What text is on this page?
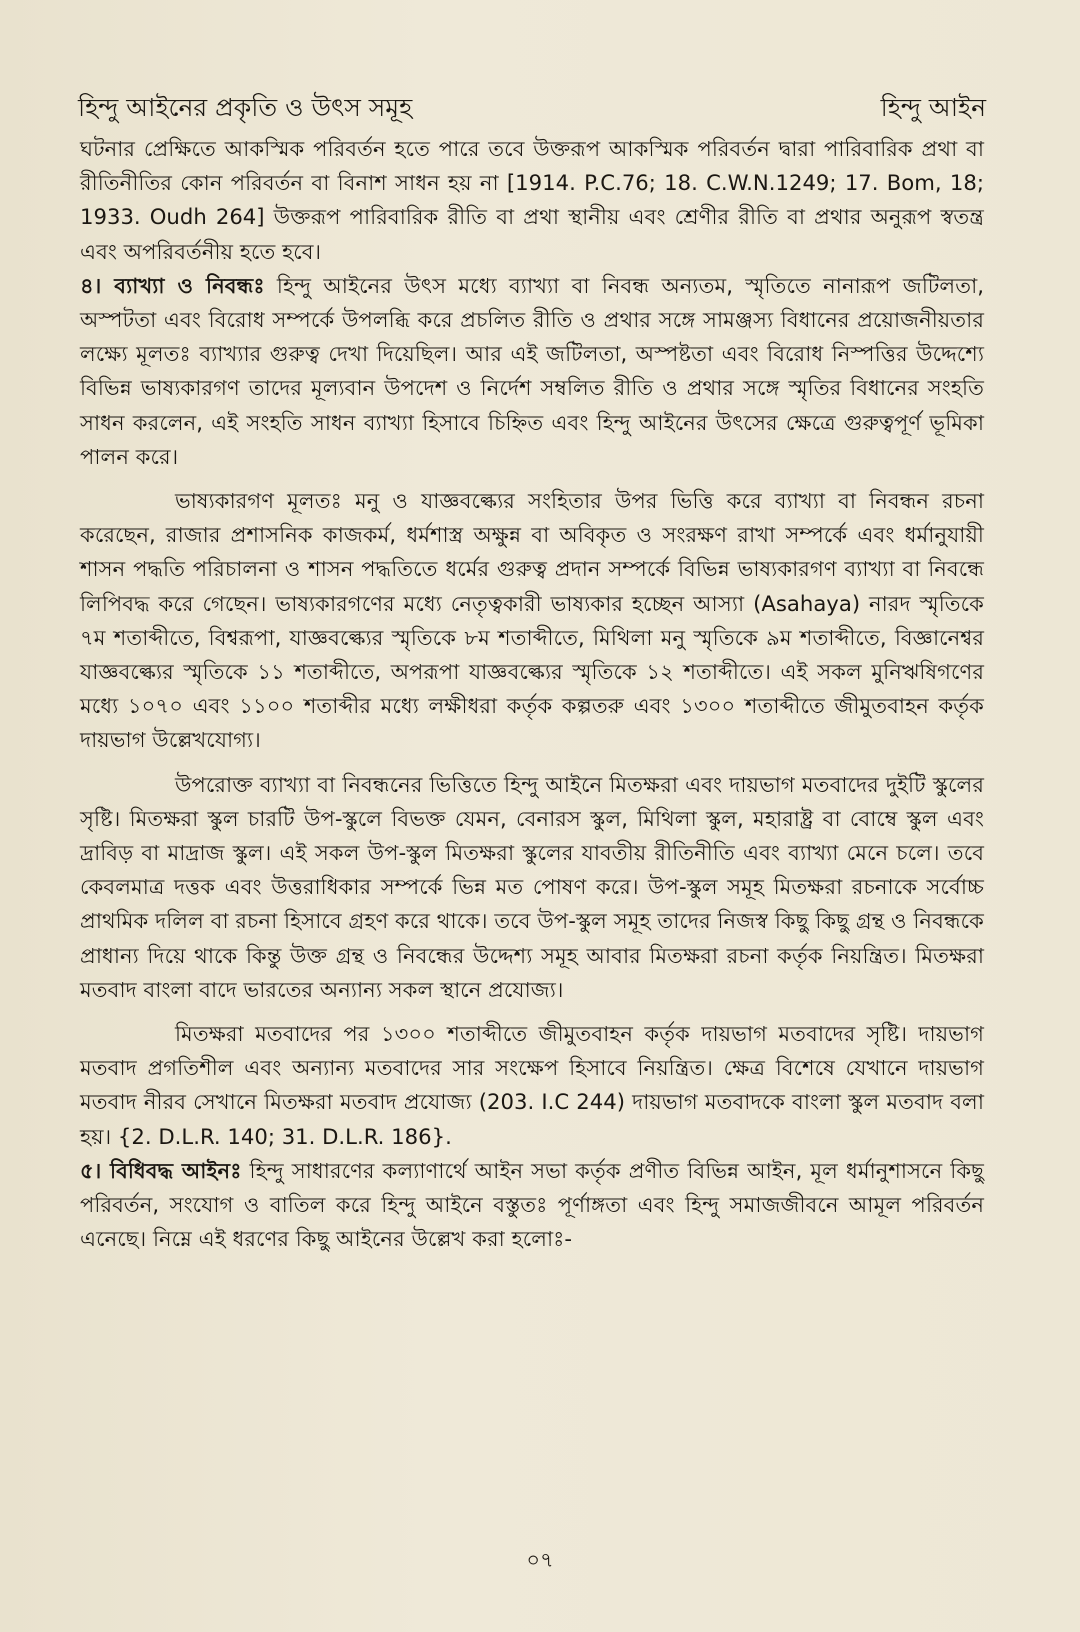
হিন্দু আইনের প্রকৃতি ও উৎস সমূহ	হিন্দু আইন

ঘটনার প্রেক্ষিতে আকস্মিক পরিবর্তন হতে পারে তবে উক্তরূপ আকস্মিক পরিবর্তন দ্বারা পারিবারিক প্রথা বা রীতিনীতির কোন পরিবর্তন বা বিনাশ সাধন হয় না [1914. P.C.76; 18. C.W.N.1249; 17. Bom, 18; 1933. Oudh 264] উক্তরূপ পারিবারিক রীতি বা প্রথা স্থানীয় এবং শ্রেণীর রীতি বা প্রথার অনুরূপ স্বতন্ত্র এবং অপরিবর্তনীয় হতে হবে।

৪। ব্যাখ্যা ও নিবন্ধঃ হিন্দু আইনের উৎস মধ্যে ব্যাখ্যা বা নিবন্ধ অন্যতম, স্মৃতিতে নানারূপ জটিলতা, অস্পটতা এবং বিরোধ সম্পর্কে উপলব্ধি করে প্রচলিত রীতি ও প্রথার সঙ্গে সামঞ্জস্য বিধানের প্রয়োজনীয়তার লক্ষ্যে মূলতঃ ব্যাখ্যার গুরুত্ব দেখা দিয়েছিল। আর এই জটিলতা, অস্পষ্টতা এবং বিরোধ নিস্পত্তির উদ্দেশ্যে বিভিন্ন ভাষ্যকারগণ তাদের মূল্যবান উপদেশ ও নির্দেশ সম্বলিত রীতি ও প্রথার সঙ্গে স্মৃতির বিধানের সংহতি সাধন করলেন, এই সংহতি সাধন ব্যাখ্যা হিসাবে চিহ্নিত এবং হিন্দু আইনের উৎসের ক্ষেত্রে গুরুত্বপূর্ণ ভূমিকা পালন করে।

ভাষ্যকারগণ মূলতঃ মনু ও যাজ্ঞবল্ক্যের সংহিতার উপর ভিত্তি করে ব্যাখ্যা বা নিবন্ধন রচনা করেছেন, রাজার প্রশাসনিক কাজকর্ম, ধর্মশাস্ত্র অক্ষুন্ন বা অবিকৃত ও সংরক্ষণ রাখা সম্পর্কে এবং ধর্মানুযায়ী শাসন পদ্ধতি পরিচালনা ও শাসন পদ্ধতিতে ধর্মের গুরুত্ব প্রদান সম্পর্কে বিভিন্ন ভাষ্যকারগণ ব্যাখ্যা বা নিবন্ধে লিপিবদ্ধ করে গেছেন। ভাষ্যকারগণের মধ্যে নেতৃত্বকারী ভাষ্যকার হচ্ছেন আস্যা (Asahaya) নারদ স্মৃতিকে ৭ম শতাব্দীতে, বিশ্বরূপা, যাজ্ঞবল্ক্যের স্মৃতিকে ৮ম শতাব্দীতে, মিথিলা মনু স্মৃতিকে ৯ম শতাব্দীতে, বিজ্ঞানেশ্বর যাজ্ঞবল্ক্যের স্মৃতিকে ১১ শতাব্দীতে, অপরূপা যাজ্ঞবল্ক্যের স্মৃতিকে ১২ শতাব্দীতে। এই সকল মুনিঋষিগণের মধ্যে ১০৭০ এবং ১১০০ শতাব্দীর মধ্যে লক্ষীধরা কর্তৃক কল্পতরু এবং ১৩০০ শতাব্দীতে জীমুতবাহন কর্তৃক দায়ভাগ উল্লেখযোগ্য।

উপরোক্ত ব্যাখ্যা বা নিবন্ধনের ভিত্তিতে হিন্দু আইনে মিতক্ষরা এবং দায়ভাগ মতবাদের দুইটি স্কুলের সৃষ্টি। মিতক্ষরা স্কুল চারটি উপ-স্কুলে বিভক্ত যেমন, বেনারস স্কুল, মিথিলা স্কুল, মহারাষ্ট্র বা বোম্বে স্কুল এবং দ্রাবিড় বা মাদ্রাজ স্কুল। এই সকল উপ-স্কুল মিতক্ষরা স্কুলের যাবতীয় রীতিনীতি এবং ব্যাখ্যা মেনে চলে। তবে কেবলমাত্র দত্তক এবং উত্তরাধিকার সম্পর্কে ভিন্ন মত পোষণ করে। উপ-স্কুল সমূহ মিতক্ষরা রচনাকে সর্বোচ্চ প্রাথমিক দলিল বা রচনা হিসাবে গ্রহণ করে থাকে। তবে উপ-স্কুল সমূহ তাদের নিজস্ব কিছু কিছু গ্রন্থ ও নিবন্ধকে প্রাধান্য দিয়ে থাকে কিন্তু উক্ত গ্রন্থ ও নিবন্ধের উদ্দেশ্য সমূহ আবার মিতক্ষরা রচনা কর্তৃক নিয়ন্ত্রিত। মিতক্ষরা মতবাদ বাংলা বাদে ভারতের অন্যান্য সকল স্থানে প্রযোজ্য।

মিতক্ষরা মতবাদের পর ১৩০০ শতাব্দীতে জীমুতবাহন কর্তৃক দায়ভাগ মতবাদের সৃষ্টি। দায়ভাগ মতবাদ প্রগতিশীল এবং অন্যান্য মতবাদের সার সংক্ষেপ হিসাবে নিয়ন্ত্রিত। ক্ষেত্র বিশেষে যেখানে দায়ভাগ মতবাদ নীরব সেখানে মিতক্ষরা মতবাদ প্রযোজ্য (203. I.C 244) দায়ভাগ মতবাদকে বাংলা স্কুল মতবাদ বলা হয়। {2. D.L.R. 140; 31. D.L.R. 186}.

৫। বিধিবদ্ধ আইনঃ হিন্দু সাধারণের কল্যাণার্থে আইন সভা কর্তৃক প্রণীত বিভিন্ন আইন, মূল ধর্মানুশাসনে কিছু পরিবর্তন, সংযোগ ও বাতিল করে হিন্দু আইনে বস্তুতঃ পূর্ণাঙ্গতা এবং হিন্দু সমাজজীবনে আমূল পরিবর্তন এনেছে। নিম্নে এই ধরণের কিছু আইনের উল্লেখ করা হলোঃ-

০৭
